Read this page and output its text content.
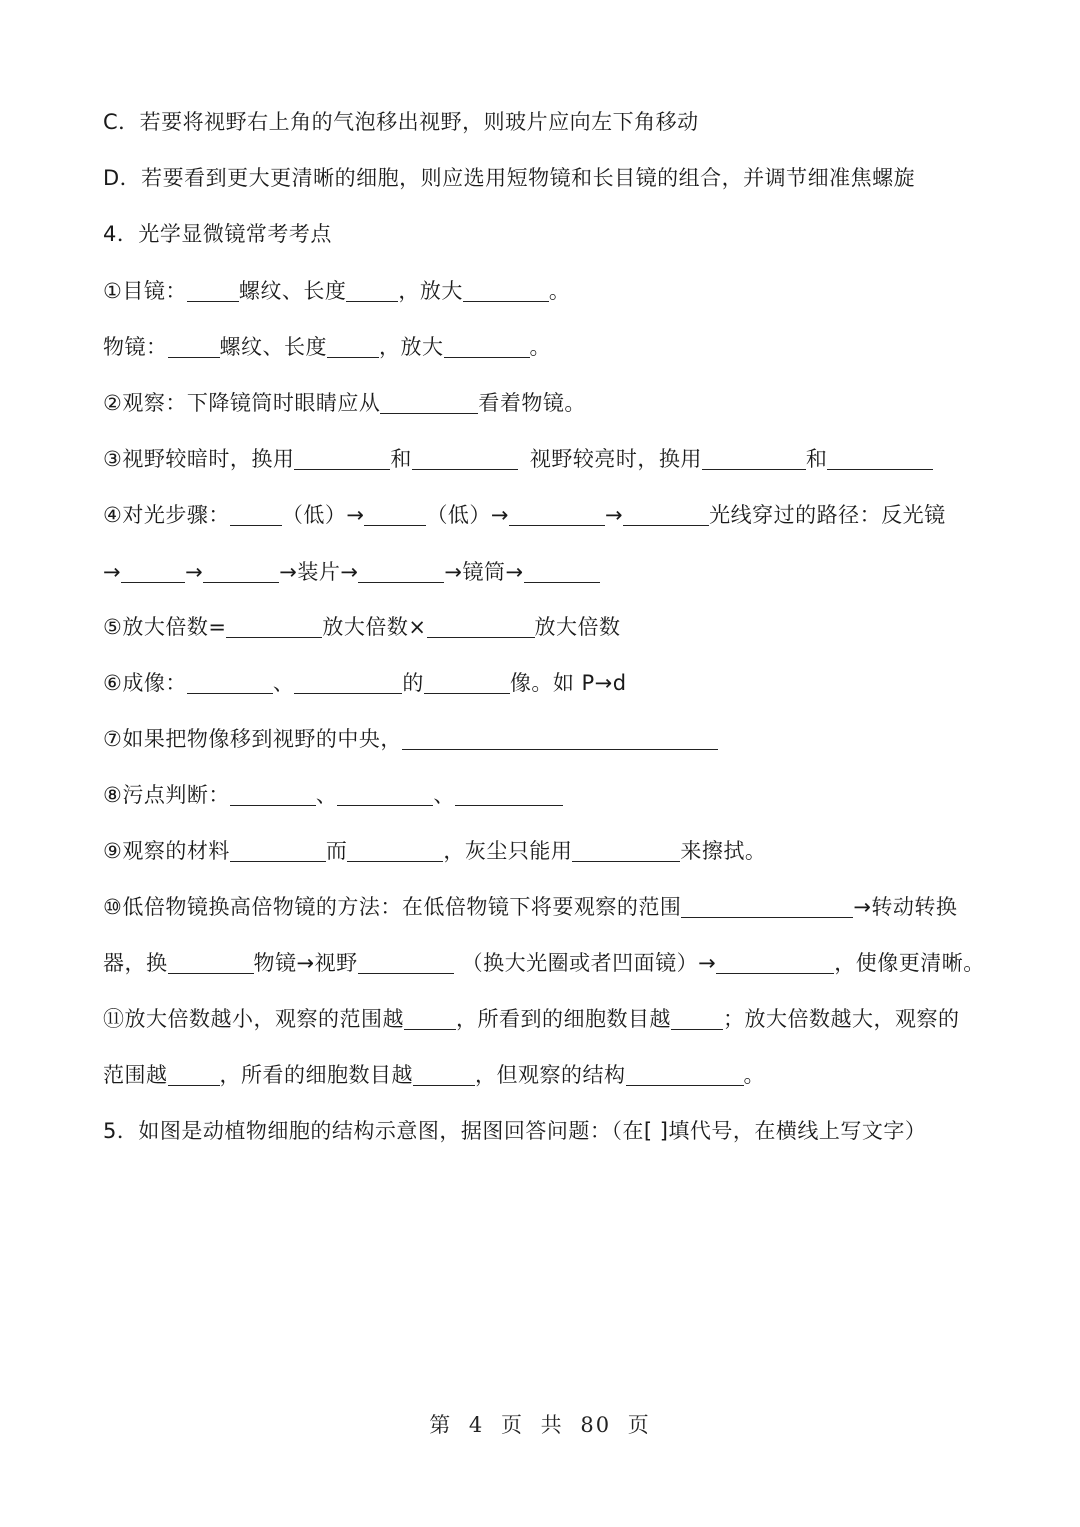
C．若要将视野右上角的气泡移出视野，则玻片应向左下角移动
D．若要看到更大更清晰的细胞，则应选用短物镜和长目镜的组合，并调节细准焦螺旋
4．光学显微镜常考考点
①目镜： 螺纹、长度 ，放大	。
物镜： 螺纹、长度 ，放大	。
②观察：下降镜筒时眼睛应从	看着物镜。
③视野较暗时，换用	和	视野较亮时，换用	和
④对光步骤： （低）→	（低）→	→	光线穿过的路径：反光镜
→	→	→装片→	→镜筒→
⑤放大倍数=	放大倍数×	放大倍数
⑥成像：	、	的	像。如 P→d
⑦如果把物像移到视野的中央，
⑧污点判断：	、	、
⑨观察的材料	而	，灰尘只能用	来擦拭。
⑩低倍物镜换高倍物镜的方法：在低倍物镜下将要观察的范围	→转动转换
器，换	物镜→视野	（换大光圈或者凹面镜）→	，使像更清晰。
⑪放大倍数越小，观察的范围越 ，所看到的细胞数目越 ；放大倍数越大，观察的
范围越 ，所看的细胞数目越	，但观察的结构	。
5．如图是动植物细胞的结构示意图，据图回答问题：（在[ ]填代号，在横线上写文字）
第 4 页 共 80 页
